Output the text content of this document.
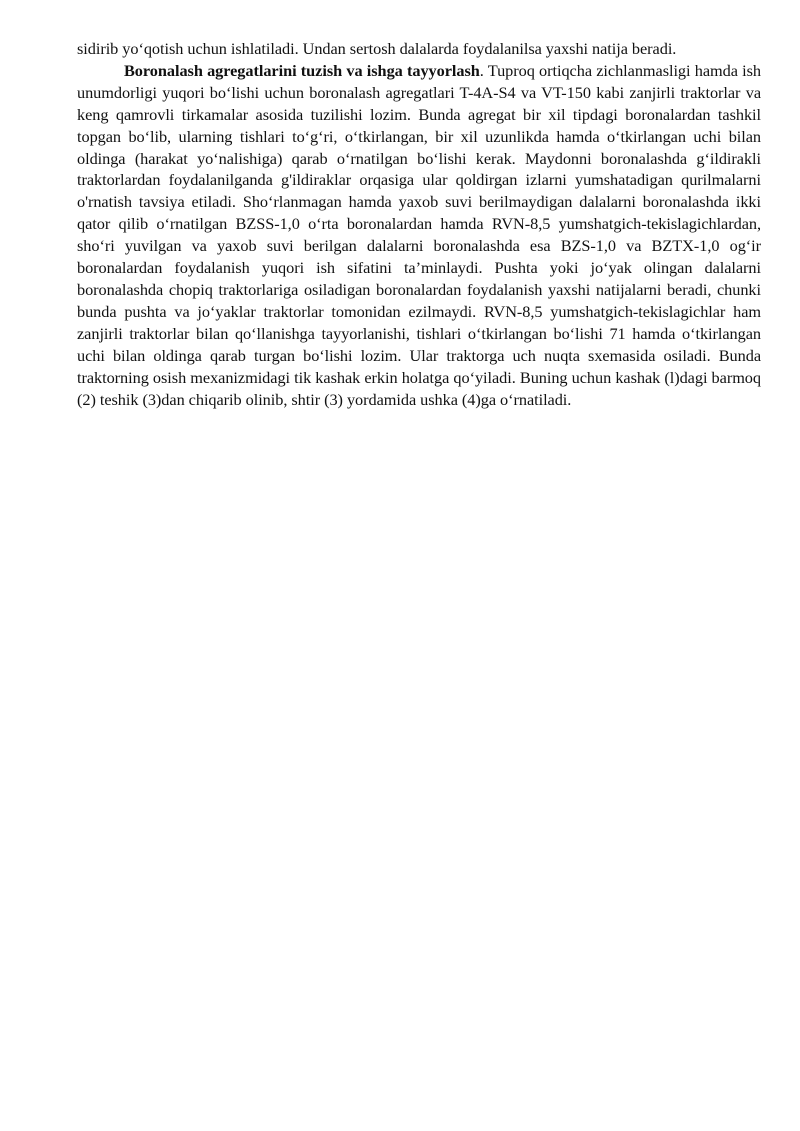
sidirib yo‘qotish uchun ishlatiladi. Undan sertosh dalalarda foydalanilsa yaxshi natija beradi.

Boronalash agregatlarini tuzish va ishga tayyorlash. Tuproq ortiqcha zichlanmasligi hamda ish unumdorligi yuqori bo‘lishi uchun boronalash agregatlari T-4A-S4 va VT-150 kabi zanjirli traktorlar va keng qamrovli tirkamalar asosida tuzilishi lozim. Bunda agregat bir xil tipdagi boronalardan tashkil topgan bo‘lib, ularning tishlari to‘g‘ri, o‘tkirlangan, bir xil uzunlikda hamda o‘tkirlangan uchi bilan oldinga (harakat yo‘nalishiga) qarab o‘rnatilgan bo‘lishi kerak. Maydonni boronalashda g‘ildirakli traktorlardan foydalanilganda g'ildiraklar orqasiga ular qoldirgan izlarni yumshatadigan qurilmalarni o'rnatish tavsiya etiladi. Sho‘rlanmagan hamda yaxob suvi berilmaydigan dalalarni boronalashda ikki qator qilib o‘rnatilgan BZSS-1,0 o‘rta boronalardan hamda RVN-8,5 yumshatgich-tekislagichlardan, sho‘ri yuvilgan va yaxob suvi berilgan dalalarni boronalashda esa BZS-1,0 va BZTX-1,0 og‘ir boronalardan foydalanish yuqori ish sifatini ta’minlaydi. Pushta yoki jo‘yak olingan dalalarni boronalashda chopiq traktorlariga osiladigan boronalardan foydalanish yaxshi natijalarni beradi, chunki bunda pushta va jo‘yaklar traktorlar tomonidan ezilmaydi. RVN-8,5 yumshatgich-tekislagichlar ham zanjirli traktorlar bilan qo‘llanishga tayyorlanishi, tishlari o‘tkirlangan bo‘lishi 71 hamda o‘tkirlangan uchi bilan oldinga qarab turgan bo‘lishi lozim. Ular traktorga uch nuqta sxemasida osiladi. Bunda traktorning osish mexanizmidagi tik kashak erkin holatga qo‘yiladi. Buning uchun kashak (l)dagi barmoq (2) teshik (3)dan chiqarib olinib, shtir (3) yordamida ushka (4)ga o‘rnatiladi.
